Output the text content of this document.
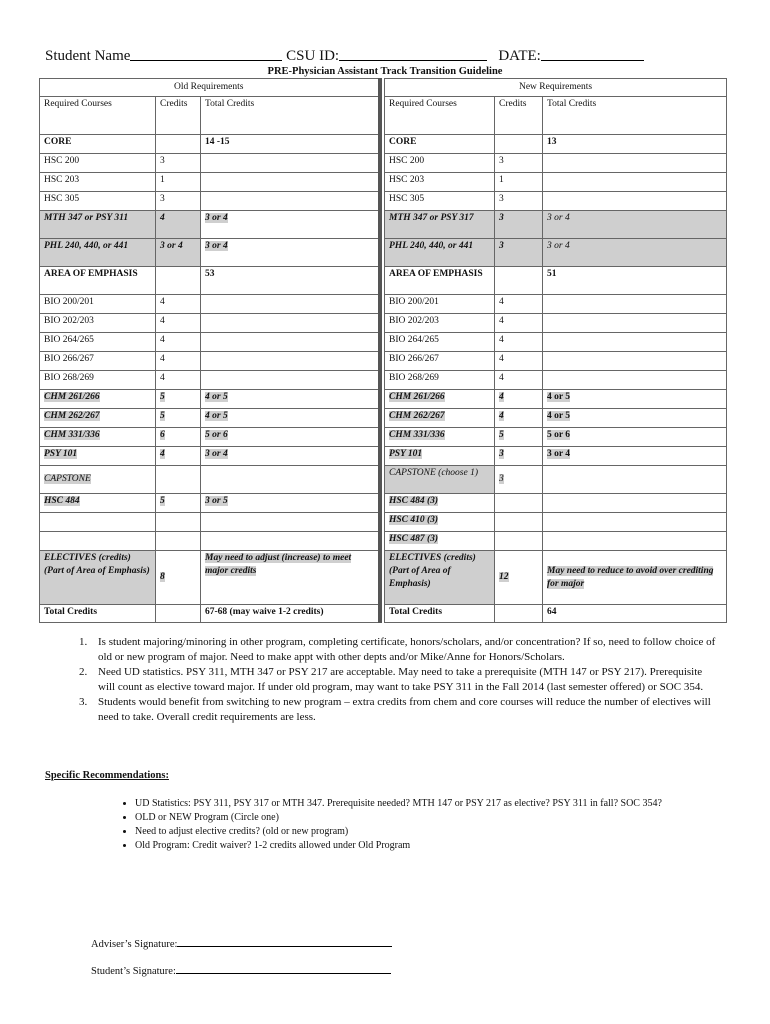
Student Name	CSU ID:	DATE:
PRE-Physician Assistant Track Transition Guideline
Old Requirements		
Required Courses	Credits	Total Credits
CORE		14 -15
HSC 200	3	
HSC 203	1	
HSC 305	3	
MTH 347 or PSY 311	4	3 or 4
PHL 240, 440, or 441	3 or 4	3 or 4
AREA OF EMPHASIS		53
BIO 200/201	4	
BIO 202/203	4	
BIO 264/265	4	
BIO 266/267	4	
BIO 268/269	4	
CHM 261/266	5	4 or 5
CHM 262/267	5	4 or 5
CHM 331/336	6	5 or 6
PSY 101	4	3 or 4
CAPSTONE		
HSC 484	5	3 or 5

ELECTIVES (credits) (Part of Area of Emphasis)	8	May need to adjust (increase) to meet major credits
Total Credits		67-68 (may waive 1-2 credits)
New Requirements		
Required Courses	Credits	Total Credits
CORE		13
HSC 200	3	
HSC 203	1	
HSC 305	3	
MTH 347 or PSY 317	3	3 or 4
PHL 240, 440, or 441	3	3 or 4
AREA OF EMPHASIS		51
BIO 200/201	4	
BIO 202/203	4	
BIO 264/265	4	
BIO 266/267	4	
BIO 268/269	4	
CHM 261/266	4	4 or 5
CHM 262/267	4	4 or 5
CHM 331/336	5	5 or 6
PSY 101	3	3 or 4
CAPSTONE (choose 1)	3	
HSC 484 (3)		
HSC 410 (3)		
HSC 487 (3)		
ELECTIVES (credits) (Part of Area of Emphasis)	12	May need to reduce to avoid over crediting for major
Total Credits		64
1. Is student majoring/minoring in other program, completing certificate, honors/scholars, and/or concentration? If so, need to follow choice of old or new program of major. Need to make appt with other depts and/or Mike/Anne for Honors/Scholars.
2. Need UD statistics. PSY 311, MTH 347 or PSY 217 are acceptable. May need to take a prerequisite (MTH 147 or PSY 217). Prerequisite will count as elective toward major. If under old program, may want to take PSY 311 in the Fall 2014 (last semester offered) or SOC 354.
3. Students would benefit from switching to new program – extra credits from chem and core courses will reduce the number of electives will need to take. Overall credit requirements are less.
Specific Recommendations:
• UD Statistics: PSY 311, PSY 317 or MTH 347. Prerequisite needed? MTH 147 or PSY 217 as elective? PSY 311 in fall? SOC 354?
• OLD or NEW Program (Circle one)
• Need to adjust elective credits? (old or new program)
• Old Program: Credit waiver? 1-2 credits allowed under Old Program
Adviser’s Signature:
Student’s Signature:
